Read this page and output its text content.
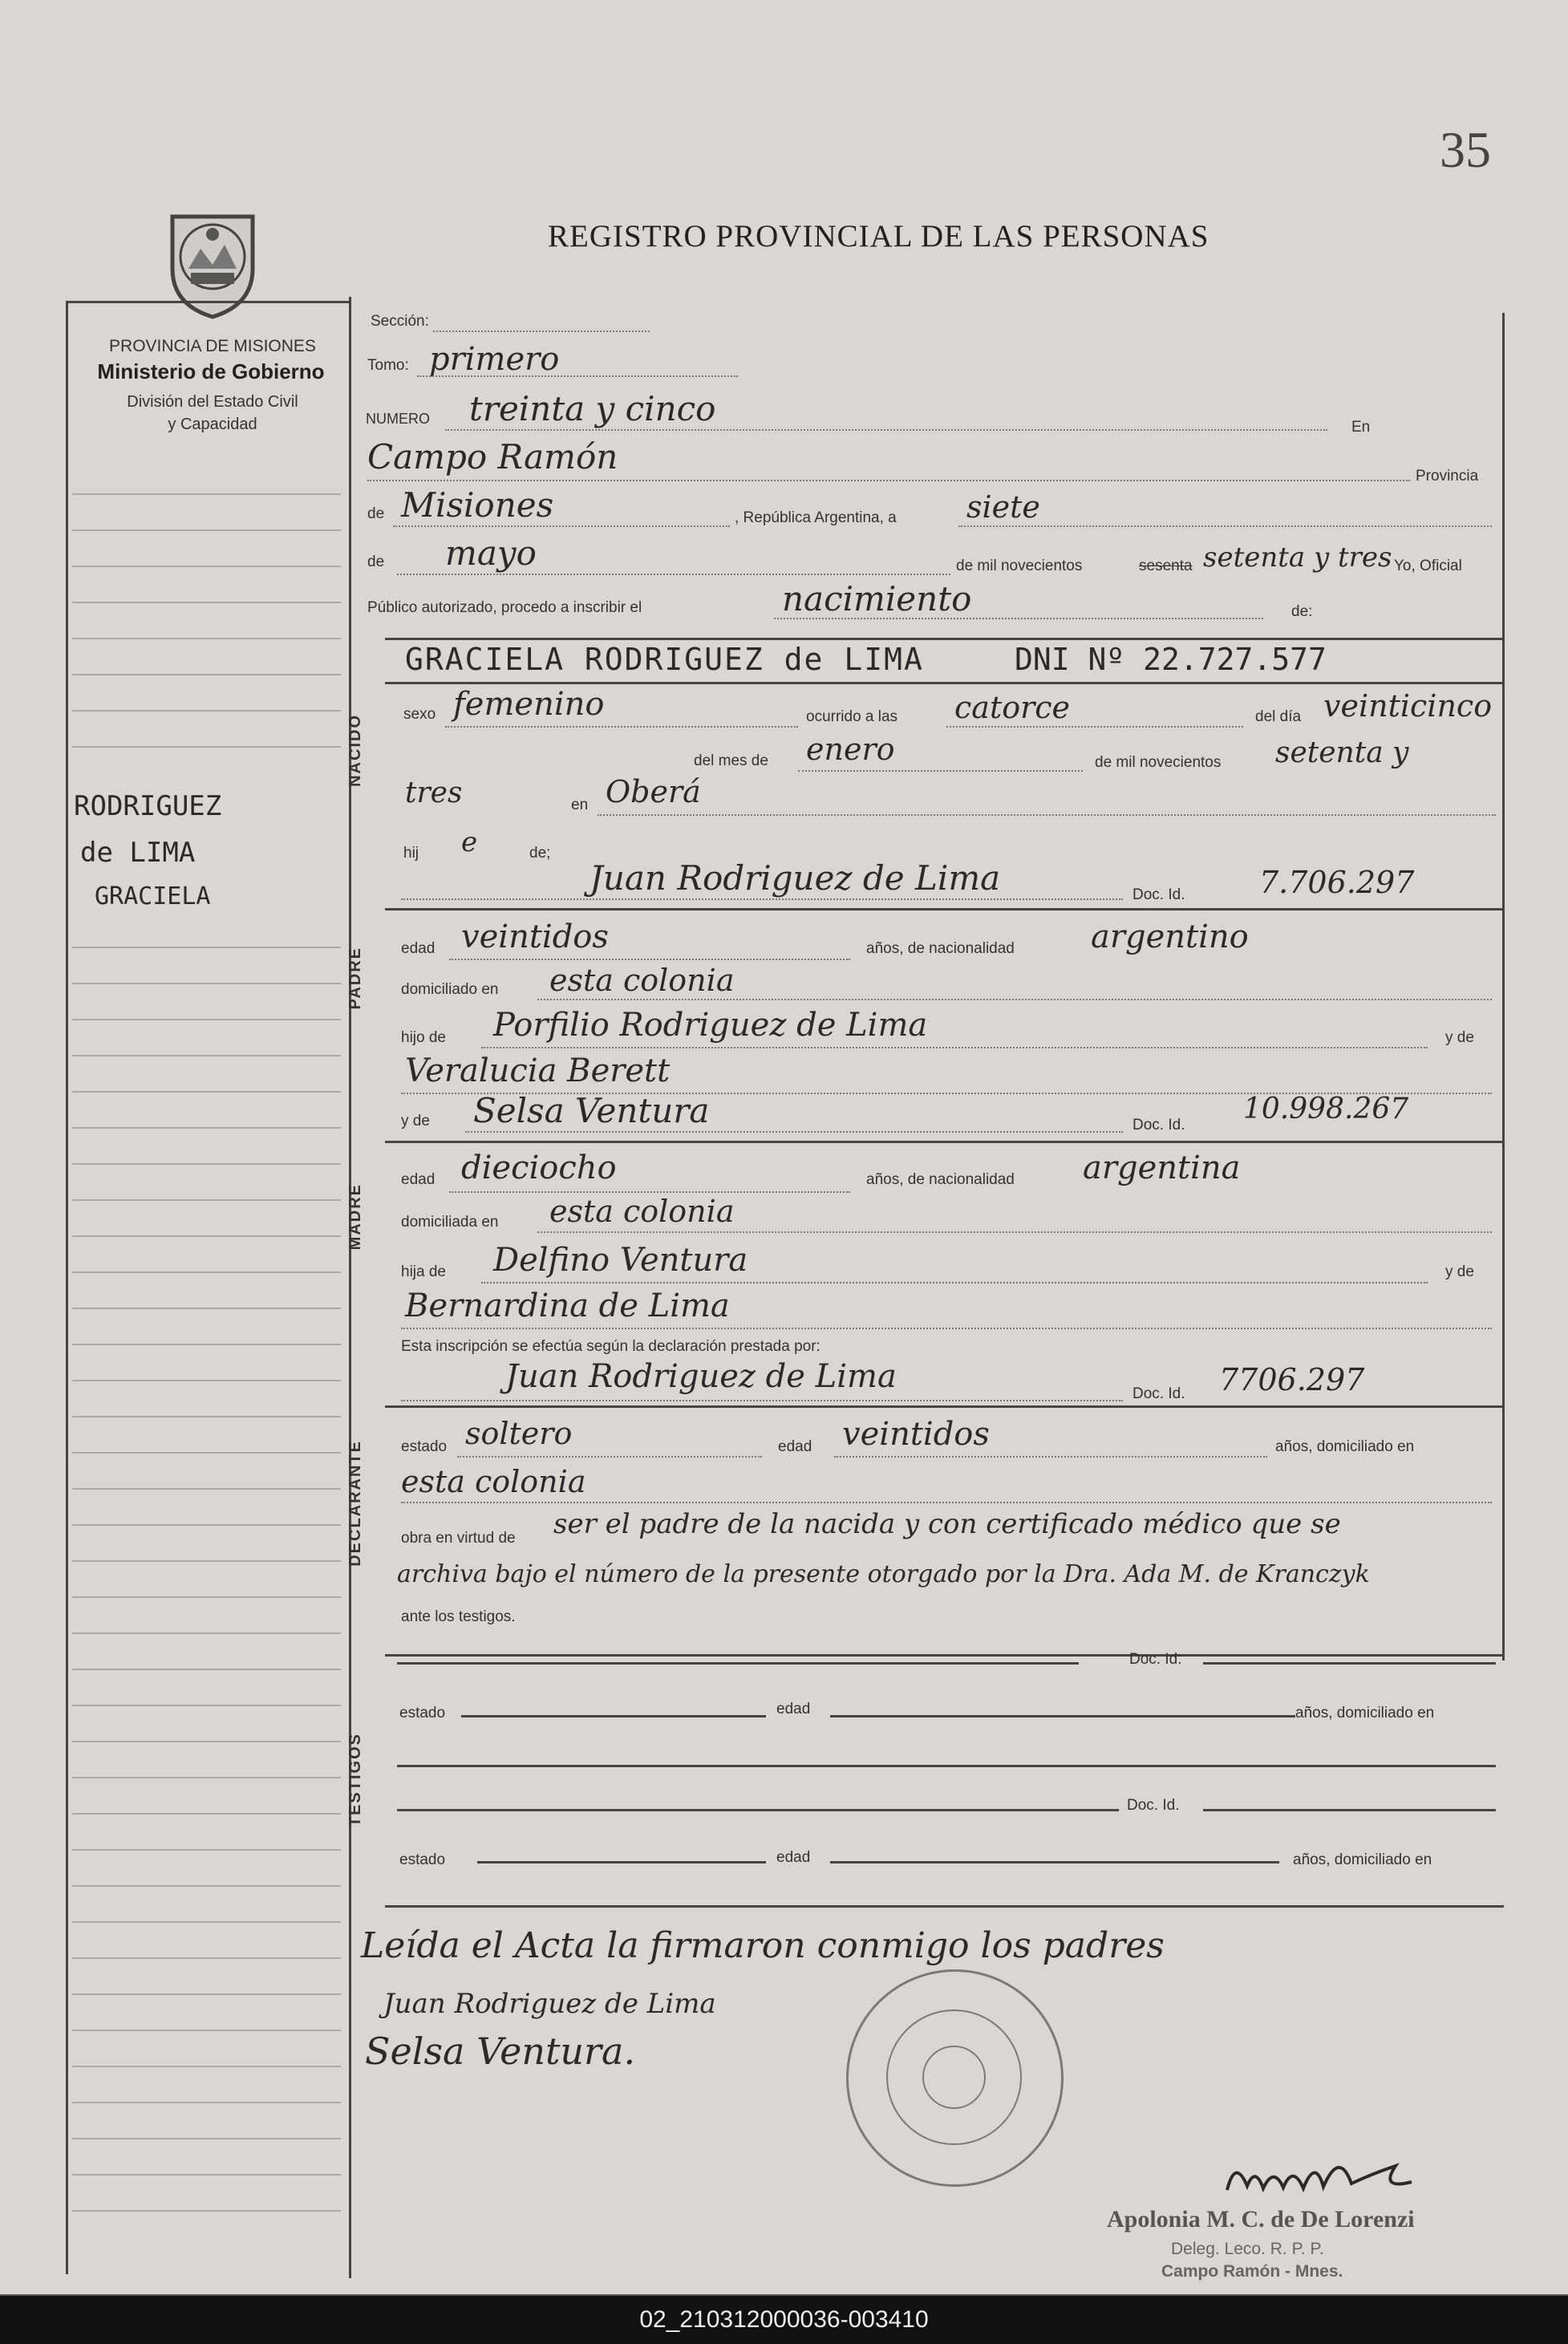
35
REGISTRO PROVINCIAL DE LAS PERSONAS
PROVINCIA DE MISIONES
Ministerio de Gobierno
División del Estado Civil
y Capacidad
RODRIGUEZ
de LIMA
GRACIELA
Sección:
Tomo: primero
NUMERO treinta y cinco	En
Campo Ramón	Provincia
de Misiones	, República Argentina, a siete
de mayo	de mil novecientos	sesenta setenta y tres Yo, Oficial
Público autorizado, procedo a inscribir el	nacimiento	de:
NACIDO
GRACIELA RODRIGUEZ de LIMA	DNI Nº 22.727.577
sexo femenino	ocurrido a las catorce	del día veinticinco
del mes de enero	de mil novecientos setenta y
tres	en Oberá
hij e	de;
Juan Rodriguez de Lima	Doc. Id. 7.706.297
PADRE edad veintidos	años, de nacionalidad argentino
domiciliado en esta colonia
hijo de Porfilio Rodriguez de Lima	y de
Veralucia Berett
y de Selsa Ventura	Doc. Id. 10.998.267
MADRE
edad dieciocho	años, de nacionalidad argentina
domiciliada en esta colonia
hija de Delfino Ventura	y de
Bernardina de Lima
Esta inscripción se efectúa según la declaración prestada por:
Juan Rodriguez de Lima	Doc. Id. 7706.297
DECLARANTE estado soltero	edad veintidos	años, domiciliado en
esta colonia
obra en virtud de ser el padre de la nacida y con certificado médico que se
archiva bajo el número de la presente otorgado por la Dra. Ada M. de Kranczyk
ante los testigos.
TESTIGOS
Doc. Id.
estado	edad	años, domiciliado en
Doc. Id.
estado	edad	años, domiciliado en
Leída el Acta la firmaron conmigo los padres
Juan Rodriguez de Lima
Selsa Ventura.
Apolonia M. C. de De Lorenzi
Deleg. Leco. R. P. P.
Campo Ramón - Mnes.
02_210312000036-003410
